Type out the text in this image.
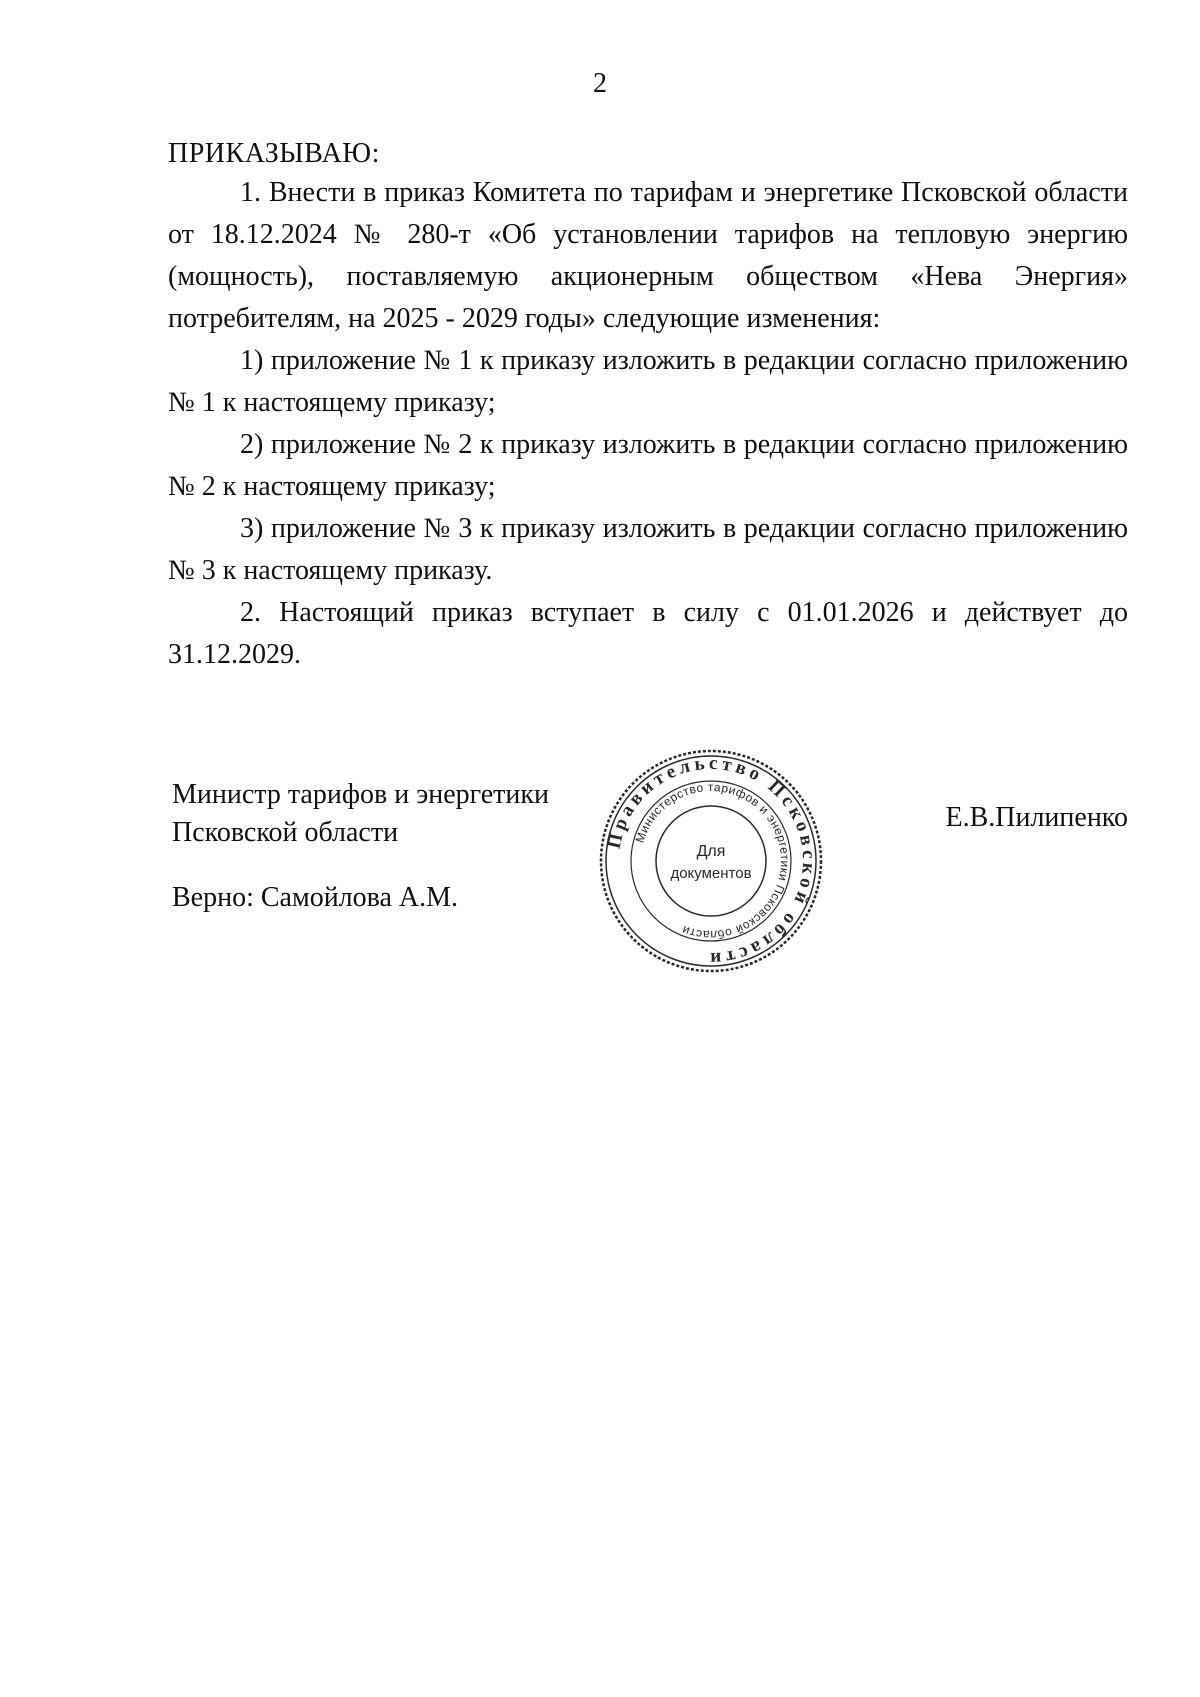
2
ПРИКАЗЫВАЮ:

1. Внести в приказ Комитета по тарифам и энергетике Псковской области от 18.12.2024 № 280-т «Об установлении тарифов на тепловую энергию (мощность), поставляемую акционерным обществом «Нева Энергия» потребителям, на 2025 - 2029 годы» следующие изменения:

1) приложение № 1 к приказу изложить в редакции согласно приложению № 1 к настоящему приказу;

2) приложение № 2 к приказу изложить в редакции согласно приложению № 2 к настоящему приказу;

3) приложение № 3 к приказу изложить в редакции согласно приложению № 3 к настоящему приказу.

2. Настоящий приказ вступает в силу с 01.01.2026 и действует до 31.12.2029.

Министр тарифов и энергетики
Псковской области	Е.В.Пилипенко
Верно: Самойлова А.М.
Правительство Псковской области
Министерство тарифов и энергетики Псковской области
Для
документов
